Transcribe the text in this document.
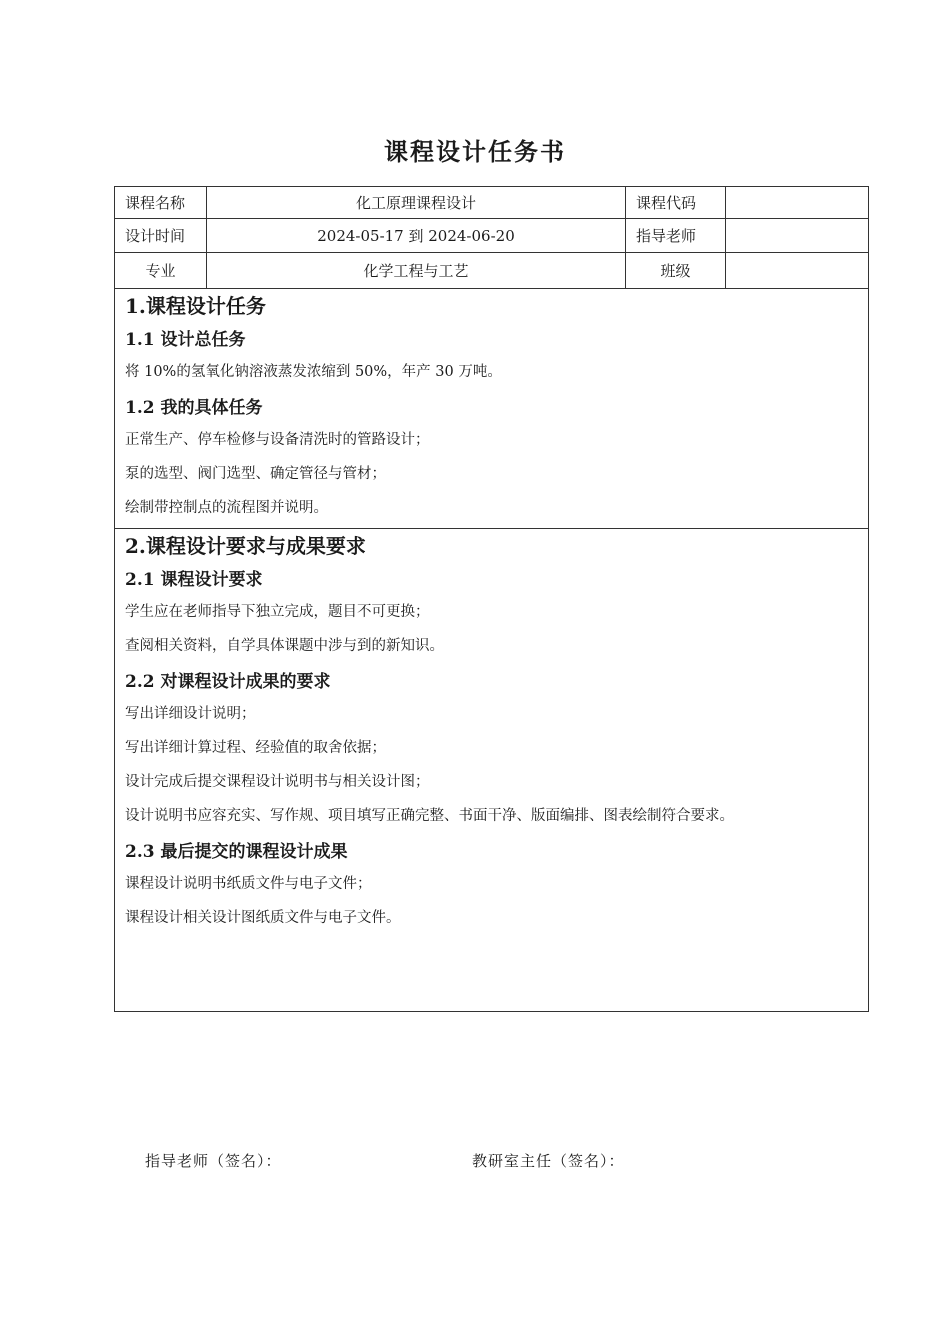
课程设计任务书
课程名称	化工原理课程设计	课程代码
设计时间	2024-05-17 到 2024-06-20	指导老师
专业	化学工程与工艺	班级
1.课程设计任务
1.1 设计总任务
将 10%的氢氧化钠溶液蒸发浓缩到 50%，年产 30 万吨。
1.2 我的具体任务
正常生产、停车检修与设备清洗时的管路设计；
泵的选型、阀门选型、确定管径与管材；
绘制带控制点的流程图并说明。
2.课程设计要求与成果要求
2.1 课程设计要求
学生应在老师指导下独立完成，题目不可更换；
查阅相关资料，自学具体课题中涉与到的新知识。
2.2 对课程设计成果的要求
写出详细设计说明；
写出详细计算过程、经验值的取舍依据；
设计完成后提交课程设计说明书与相关设计图；
设计说明书应容充实、写作规、项目填写正确完整、书面干净、版面编排、图表绘制符合要求。
2.3 最后提交的课程设计成果
课程设计说明书纸质文件与电子文件；
课程设计相关设计图纸质文件与电子文件。
指导老师（签名）：	教研室主任（签名）：
